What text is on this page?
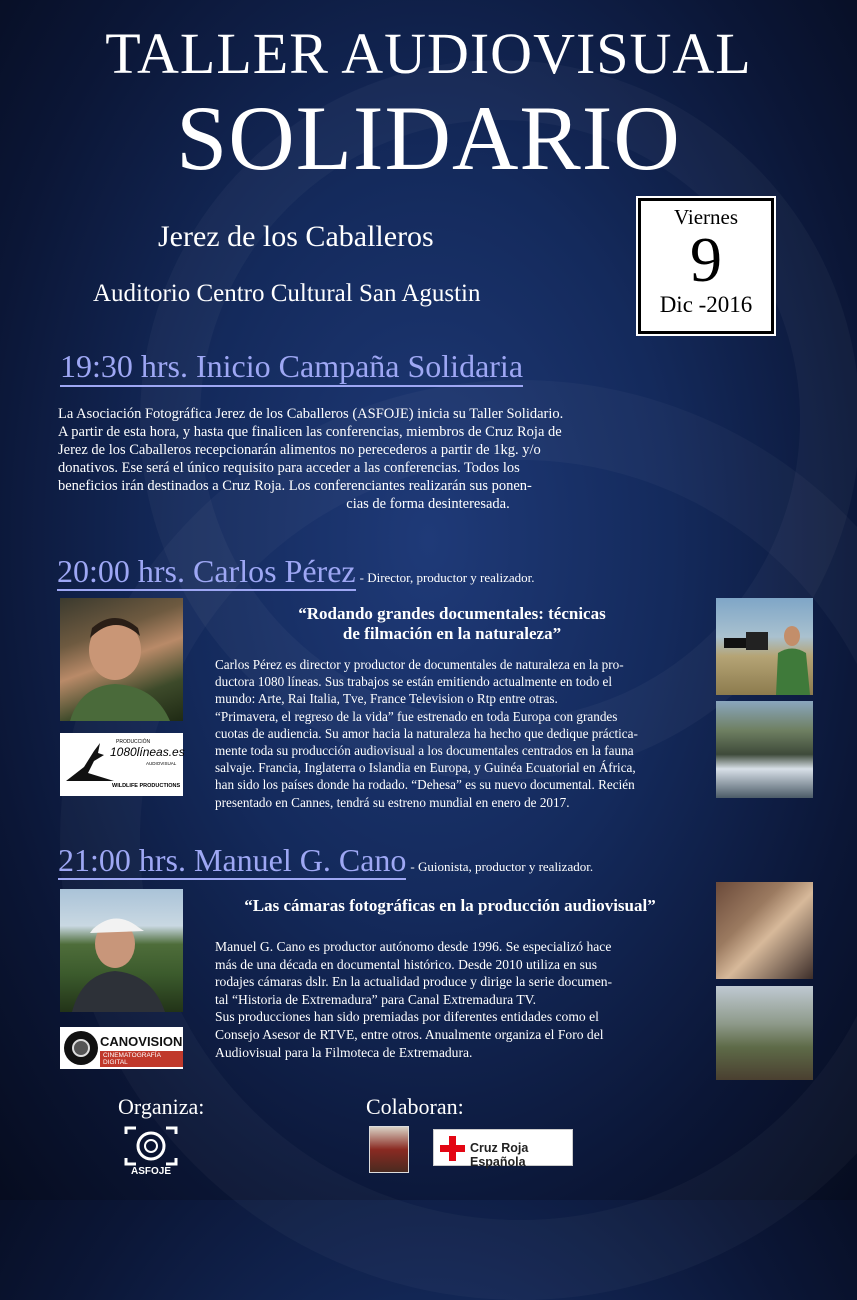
TALLER AUDIOVISUAL
SOLIDARIO
Jerez de los Caballeros
Auditorio Centro Cultural San Agustin
Viernes
9
Dic -2016
19:30 hrs. Inicio Campaña Solidaria
La Asociación Fotográfica Jerez de los Caballeros (ASFOJE) inicia su Taller Solidario.
A partir de esta hora, y hasta que finalicen las conferencias, miembros de Cruz Roja de
Jerez de los Caballeros recepcionarán alimentos no perecederos a partir de 1kg. y/o
donativos. Ese será el único requisito para acceder a las conferencias. Todos los
beneficios irán destinados a Cruz Roja. Los conferenciantes realizarán sus ponen-
cias de forma desinteresada.
20:00 hrs. Carlos Pérez - Director, productor y realizador.
PRODUCCIÓN
1080líneas.es
AUDIOVISUAL
WILDLIFE PRODUCTIONS
“Rodando grandes documentales: técnicas
de filmación en la naturaleza”
Carlos Pérez es director y productor de documentales de naturaleza en la pro-
ductora 1080 líneas. Sus trabajos se están emitiendo actualmente en todo el
mundo: Arte, Rai Italia, Tve, France Television o Rtp entre otras.
“Primavera, el regreso de la vida” fue estrenado en toda Europa con grandes
cuotas de audiencia. Su amor hacia la naturaleza ha hecho que dedique práctica-
mente toda su producción audiovisual a los documentales centrados en la fauna
salvaje. Francia, Inglaterra o Islandia en Europa, y Guinéa Ecuatorial en África,
han sido los países donde ha rodado. “Dehesa” es su nuevo documental. Recién
presentado en Cannes, tendrá su estreno mundial en enero de 2017.
21:00 hrs. Manuel G. Cano - Guionista, productor y realizador.
CANOVISION
CINEMATOGRAFÍA DIGITAL
“Las cámaras fotográficas en la producción audiovisual”
Manuel G. Cano es productor autónomo desde 1996. Se especializó hace
más de una década en documental histórico. Desde 2010 utiliza en sus
rodajes cámaras dslr. En la actualidad produce y dirige la serie documen-
tal “Historia de Extremadura” para Canal Extremadura TV.
Sus producciones han sido premiadas por diferentes entidades como el
Consejo Asesor de RTVE, entre otros. Anualmente organiza el Foro del
Audiovisual para la Filmoteca de Extremadura.
Organiza:	Colaboran:
ASFOJE
Cruz Roja Española
